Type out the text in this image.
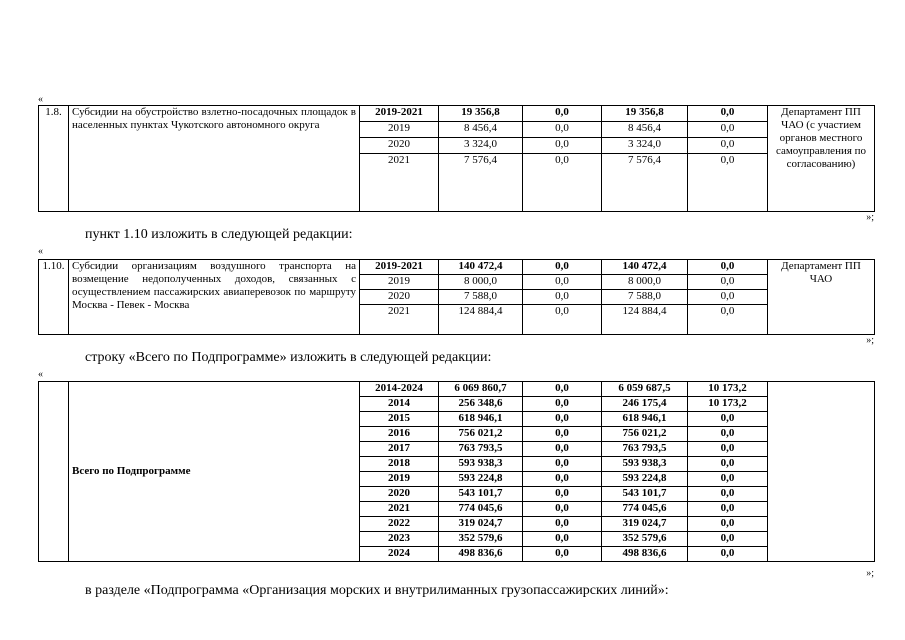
«
1.8.	Субсидии на обустройство взлетно-посадочных площадок в населенных пунктах Чукотского автономного округа	2019-2021	19 356,8	0,0	19 356,8	0,0	Департамент ПП ЧАО (с участием органов местного самоуправления по согласованию)
		2019	8 456,4	0,0	8 456,4	0,0	
		2020	3 324,0	0,0	3 324,0	0,0	
		2021	7 576,4	0,0	7 576,4	0,0	
»;
пункт 1.10 изложить в следующей редакции:
«
1.10.	Субсидии организациям воздушного транспорта на возмещение недополученных доходов, связанных с осуществлением пассажирских авиаперевозок по маршруту Москва - Певек - Москва	2019-2021	140 472,4	0,0	140 472,4	0,0	Департамент ПП ЧАО
		2019	8 000,0	0,0	8 000,0	0,0	
		2020	7 588,0	0,0	7 588,0	0,0	
		2021	124 884,4	0,0	124 884,4	0,0	
»;
строку «Всего по Подпрограмме» изложить в следующей редакции:
«
	Всего по Подпрограмме	2014-2024	6 069 860,7	0,0	6 059 687,5	10 173,2	
		2014	256 348,6	0,0	246 175,4	10 173,2	
		2015	618 946,1	0,0	618 946,1	0,0	
		2016	756 021,2	0,0	756 021,2	0,0	
		2017	763 793,5	0,0	763 793,5	0,0	
		2018	593 938,3	0,0	593 938,3	0,0	
		2019	593 224,8	0,0	593 224,8	0,0	
		2020	543 101,7	0,0	543 101,7	0,0	
		2021	774 045,6	0,0	774 045,6	0,0	
		2022	319 024,7	0,0	319 024,7	0,0	
		2023	352 579,6	0,0	352 579,6	0,0	
		2024	498 836,6	0,0	498 836,6	0,0	
»;
в разделе «Подпрограмма «Организация морских и внутрилиманных грузопассажирских линий»:
